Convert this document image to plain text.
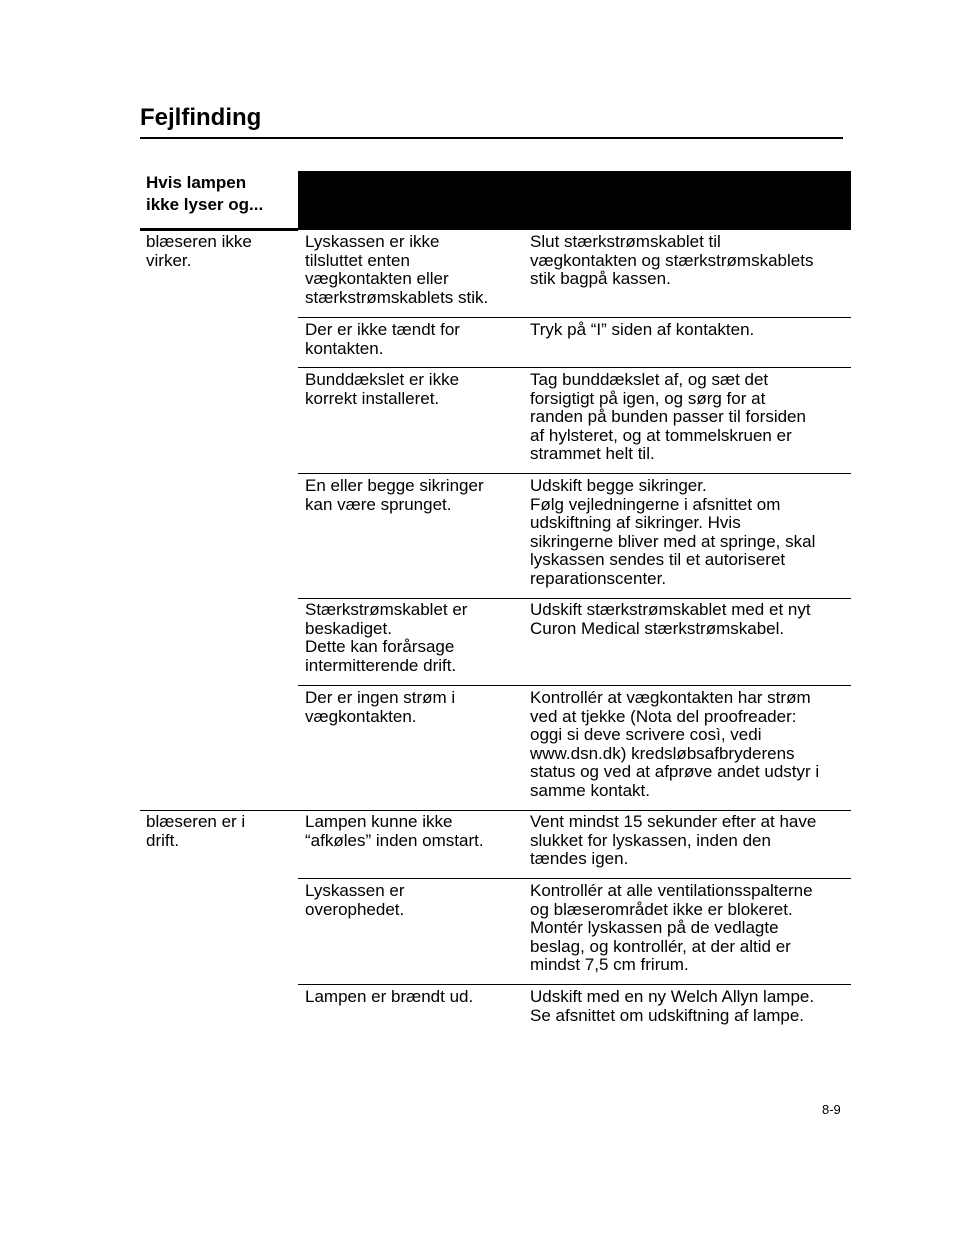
Fejlfinding
Hvis lampen
ikke lyser og...
blæseren ikke
virker.
Lyskassen er ikke
tilsluttet enten
vægkontakten eller
stærkstrømskablets stik.
Slut stærkstrømskablet til
vægkontakten og stærkstrømskablets
stik bagpå kassen.
Der er ikke tændt for
kontakten.
Tryk på “I” siden af kontakten.
Bunddækslet er ikke
korrekt installeret.
Tag bunddækslet af, og sæt det
forsigtigt på igen, og sørg for at
randen på bunden passer til forsiden
af hylsteret, og at tommelskruen er
strammet helt til.
En eller begge sikringer
kan være sprunget.
Udskift begge sikringer.
Følg vejledningerne i afsnittet om
udskiftning af sikringer. Hvis
sikringerne bliver med at springe, skal
lyskassen sendes til et autoriseret
reparationscenter.
Stærkstrømskablet er
beskadiget.
Dette kan forårsage
intermitterende drift.
Udskift stærkstrømskablet med et nyt
Curon Medical stærkstrømskabel.
Der er ingen strøm i
vægkontakten.
Kontrollér at vægkontakten har strøm
ved at tjekke (Nota del proofreader:
oggi si deve scrivere così, vedi
www.dsn.dk) kredsløbsafbryderens
status og ved at afprøve andet udstyr i
samme kontakt.
blæseren er i
drift.
Lampen kunne ikke
“afkøles” inden omstart.
Vent mindst 15 sekunder efter at have
slukket for lyskassen, inden den
tændes igen.
Lyskassen er
overophedet.
Kontrollér at alle ventilationsspalterne
og blæserområdet ikke er blokeret.
Montér lyskassen på de vedlagte
beslag, og kontrollér, at der altid er
mindst 7,5 cm frirum.
Lampen er brændt ud.	Udskift med en ny Welch Allyn lampe.
Se afsnittet om udskiftning af lampe.
8-9
